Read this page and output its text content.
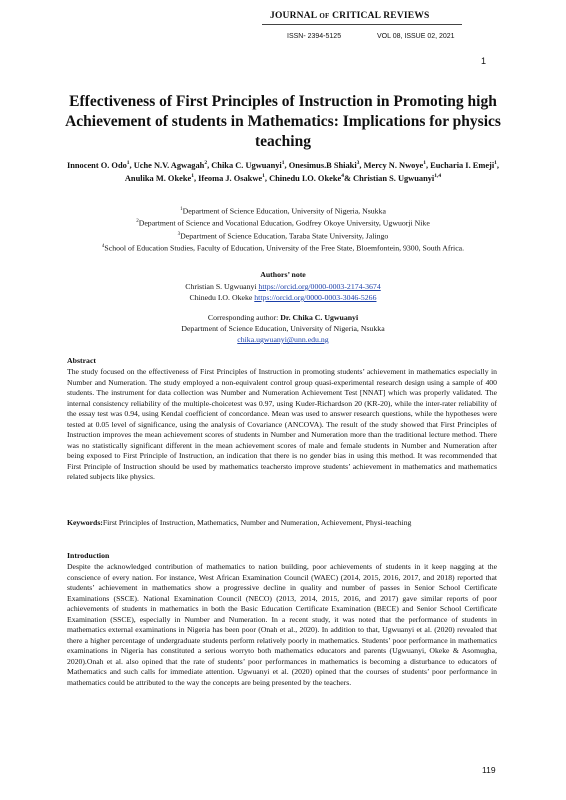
JOURNAL OF CRITICAL REVIEWS
ISSN- 2394-5125	VOL 08, ISSUE 02, 2021
1
Effectiveness of First Principles of Instruction in Promoting high Achievement of students in Mathematics: Implications for physics teaching
Innocent O. Odo$^1$, Uche N.V. Agwagah$^2$, Chika C. Ugwuanyi$^1$, Onesimus.B Shiaki$^3$, Mercy N. Nwoye$^1$, Eucharia I. Emeji$^1$, Anulika M. Okeke$^1$, Ifeoma J. Osakwe$^1$, Chinedu I.O. Okeke$^4$& Christian S. Ugwuanyi$^{1,4}$
$^1$Department of Science Education, University of Nigeria, Nsukka
$^2$Department of Science and Vocational Education, Godfrey Okoye University, Ugwuorji Nike
$^3$Department of Science Education, Taraba State University, Jalingo
$^4$School of Education Studies, Faculty of Education, University of the Free State, Bloemfontein, 9300, South Africa.
Authors’ note
Christian S. Ugwuanyi https://orcid.org/0000-0003-2174-3674
Chinedu I.O. Okeke https://orcid.org/0000-0003-3046-5266
Corresponding author: Dr. Chika C. Ugwuanyi
Department of Science Education, University of Nigeria, Nsukka
chika.ugwuanyi@unn.edu.ng
Abstract
The study focused on the effectiveness of First Principles of Instruction in promoting students’ achievement in mathematics especially in Number and Numeration. The study employed a non-equivalent control group quasi-experimental research design using a sample of 400 students. The instrument for data collection was Number and Numeration Achievement Test [NNAT] which was properly validated. The internal consistency reliability of the multiple-choicetest was 0.97, using Kuder-Richardson 20 (KR-20), while the inter-rater reliability of the essay test was 0.94, using Kendal coefficient of concordance. Mean was used to answer research questions, while the hypotheses were tested at 0.05 level of significance, using the analysis of Covariance (ANCOVA). The result of the study showed that First Principles of Instruction improves the mean achievement scores of students in Number and Numeration more than the traditional lecture method. There was no statistically significant different in the mean achievement scores of male and female students in Number and Numeration after being exposed to First Principle of Instruction, an indication that there is no gender bias in using this method. It was recommended that First Principle of Instruction should be used by mathematics teachersto improve students’ achievement in mathematics and mathematics related subjects like physics.
Keywords:First Principles of Instruction, Mathematics, Number and Numeration, Achievement, Physi-teaching
Introduction
Despite the acknowledged contribution of mathematics to nation building, poor achievements of students in it keep nagging at the conscience of every nation. For instance, West African Examination Council (WAEC) (2014, 2015, 2016, 2017, and 2018) reported that students’ achievement in mathematics show a progressive decline in quality and number of passes in Senior School Certificate Examinations (SSCE). National Examination Council (NECO) (2013, 2014, 2015, 2016, and 2017) gave similar reports of poor achievements of students in mathematics in both the Basic Education Certificate Examination (BECE) and Senior School Certificate Examination (SSCE), especially in Number and Numeration. In a recent study, it was noted that the performance of students in mathematics external examinations in Nigeria has been poor (Onah et al., 2020). In addition to that, Ugwuanyi et al. (2020) revealed that there a higher percentage of undergraduate students perform relatively poorly in mathematics. Students’ poor performance in mathematics examinations in Nigeria has constituted a serious worryto both mathematics educators and parents (Ugwuanyi, Okeke & Asomugha, 2020).Onah et al. also opined that the rate of students’ poor performances in mathematics is becoming a disturbance to educators of Mathematics and such calls for immediate attention. Ugwuanyi et al. (2020) opined that the courses of students’ poor performance in mathematics could be attributed to the way the concepts are being presented by the teachers.
119
